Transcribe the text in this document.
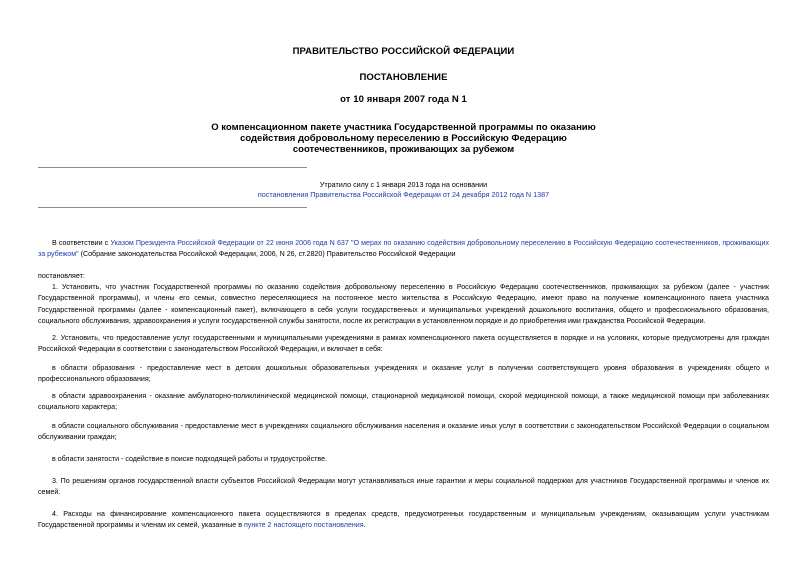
ПРАВИТЕЛЬСТВО РОССИЙСКОЙ ФЕДЕРАЦИИ
ПОСТАНОВЛЕНИЕ
от 10 января 2007 года N 1
О компенсационном пакете участника Государственной программы по оказанию
содействия добровольному переселению в Российскую Федерацию
соотечественников, проживающих за рубежом
Утратило силу с 1 января 2013 года на основании
постановления Правительства Российской Федерации от 24 декабря 2012 года N 1387

В соответствии с Указом Президента Российской Федерации от 22 июня 2006 года N 637 "О мерах по оказанию содействия добровольному переселению в Российскую Федерацию соотечественников, проживающих за рубежом" (Собрание законодательства Российской Федерации, 2006, N 26, ст.2820) Правительство Российской Федерации

постановляет:

1. Установить, что участник Государственной программы по оказанию содействия добровольному переселению в Российскую Федерацию соотечественников, проживающих за рубежом (далее - участник Государственной программы), и члены его семьи, совместно переселяющиеся на постоянное место жительства в Российскую Федерацию, имеют право на получение компенсационного пакета участника Государственной программы (далее - компенсационный пакет), включающего в себя услуги государственных и муниципальных учреждений дошкольного воспитания, общего и профессионального образования, социального обслуживания, здравоохранения и услуги государственной службы занятости, после их регистрации в установленном порядке и до приобретения ими гражданства Российской Федерации.

2. Установить, что предоставление услуг государственными и муниципальными учреждениями в рамках компенсационного пакета осуществляется в порядке и на условиях, которые предусмотрены для граждан Российской Федерации в соответствии с законодательством Российской Федерации, и включает в себя:

в области образования - предоставление мест в детских дошкольных образовательных учреждениях и оказание услуг в получении соответствующего уровня образования в учреждениях общего и профессионального образования;

в области здравоохранения - оказание амбулаторно-поликлинической медицинской помощи, стационарной медицинской помощи, скорой медицинской помощи, а также медицинской помощи при заболеваниях социального характера;

в области социального обслуживания - предоставление мест в учреждениях социального обслуживания населения и оказание иных услуг в соответствии с законодательством Российской Федерации о социальном обслуживании граждан;

в области занятости - содействие в поиске подходящей работы и трудоустройстве.

3. По решениям органов государственной власти субъектов Российской Федерации могут устанавливаться иные гарантии и меры социальной поддержки для участников Государственной программы и членов их семей.

4. Расходы на финансирование компенсационного пакета осуществляются в пределах средств, предусмотренных государственным и муниципальным учреждениям, оказывающим услуги участникам Государственной программы и членам их семей, указанные в пункте 2 настоящего постановления.
